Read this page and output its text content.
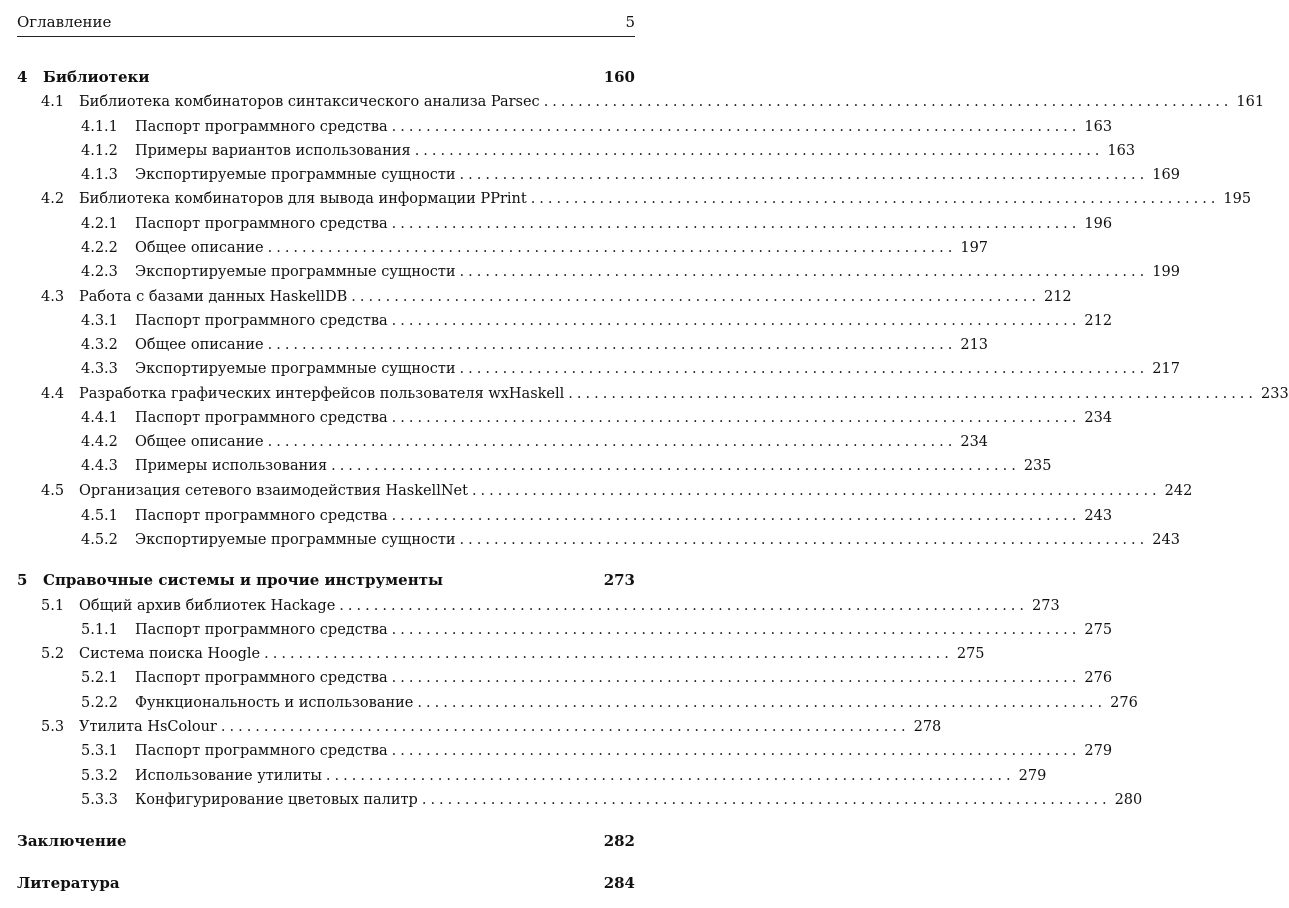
Оглавление	5
4	Библиотеки	160
4.1	Библиотека комбинаторов синтаксического анализа Parsec ................................................................................ 161
4.1.1	Паспорт программного средства ................................................................................ 163
4.1.2	Примеры вариантов использования ................................................................................ 163
4.1.3	Экспортируемые программные сущности ................................................................................ 169
4.2	Библиотека комбинаторов для вывода информации PPrint ................................................................................ 195
4.2.1	Паспорт программного средства ................................................................................ 196
4.2.2	Общее описание ................................................................................ 197
4.2.3	Экспортируемые программные сущности ................................................................................ 199
4.3	Работа с базами данных HaskellDB ................................................................................ 212
4.3.1	Паспорт программного средства ................................................................................ 212
4.3.2	Общее описание ................................................................................ 213
4.3.3	Экспортируемые программные сущности ................................................................................ 217
4.4	Разработка графических интерфейсов пользователя wxHaskell ................................................................................ 233
4.4.1	Паспорт программного средства ................................................................................ 234
4.4.2	Общее описание ................................................................................ 234
4.4.3	Примеры использования ................................................................................ 235
4.5	Организация сетевого взаимодействия HaskellNet ................................................................................ 242
4.5.1	Паспорт программного средства ................................................................................ 243
4.5.2	Экспортируемые программные сущности ................................................................................ 243
5	Справочные системы и прочие инструменты	273
5.1	Общий архив библиотек Hackage ................................................................................ 273
5.1.1	Паспорт программного средства ................................................................................ 275
5.2	Система поиска Hoogle ................................................................................ 275
5.2.1	Паспорт программного средства ................................................................................ 276
5.2.2	Функциональность и использование ................................................................................ 276
5.3	Утилита HsColour ................................................................................ 278
5.3.1	Паспорт программного средства ................................................................................ 279
5.3.2	Использование утилиты ................................................................................ 279
5.3.3	Конфигурирование цветовых палитр ................................................................................ 280
Заключение	282
Литература	284
